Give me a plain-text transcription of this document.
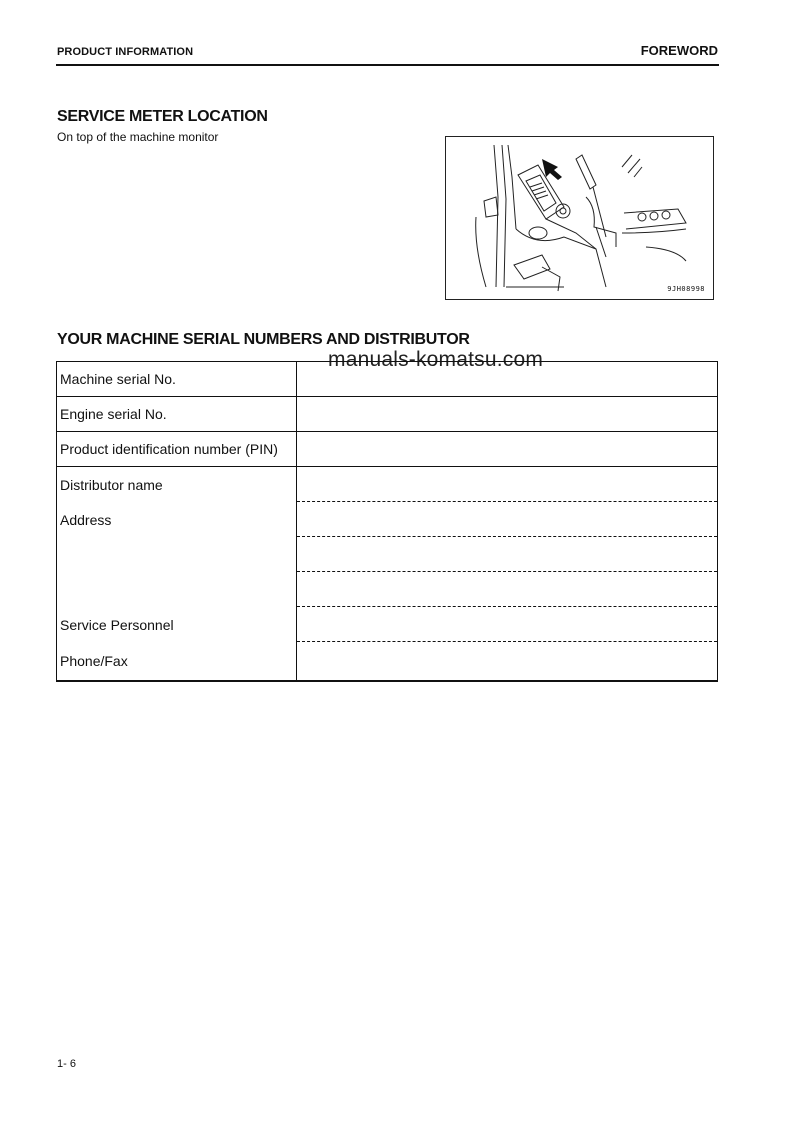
PRODUCT INFORMATION	FOREWORD
SERVICE METER LOCATION
On top of the machine monitor
9JH08998
YOUR MACHINE SERIAL NUMBERS AND DISTRIBUTOR
manuals-komatsu.com
Machine serial No.	
Engine serial No.	
Product identification number (PIN)	

Distributor name
Address
Service Personnel
Phone/Fax	

1- 6
